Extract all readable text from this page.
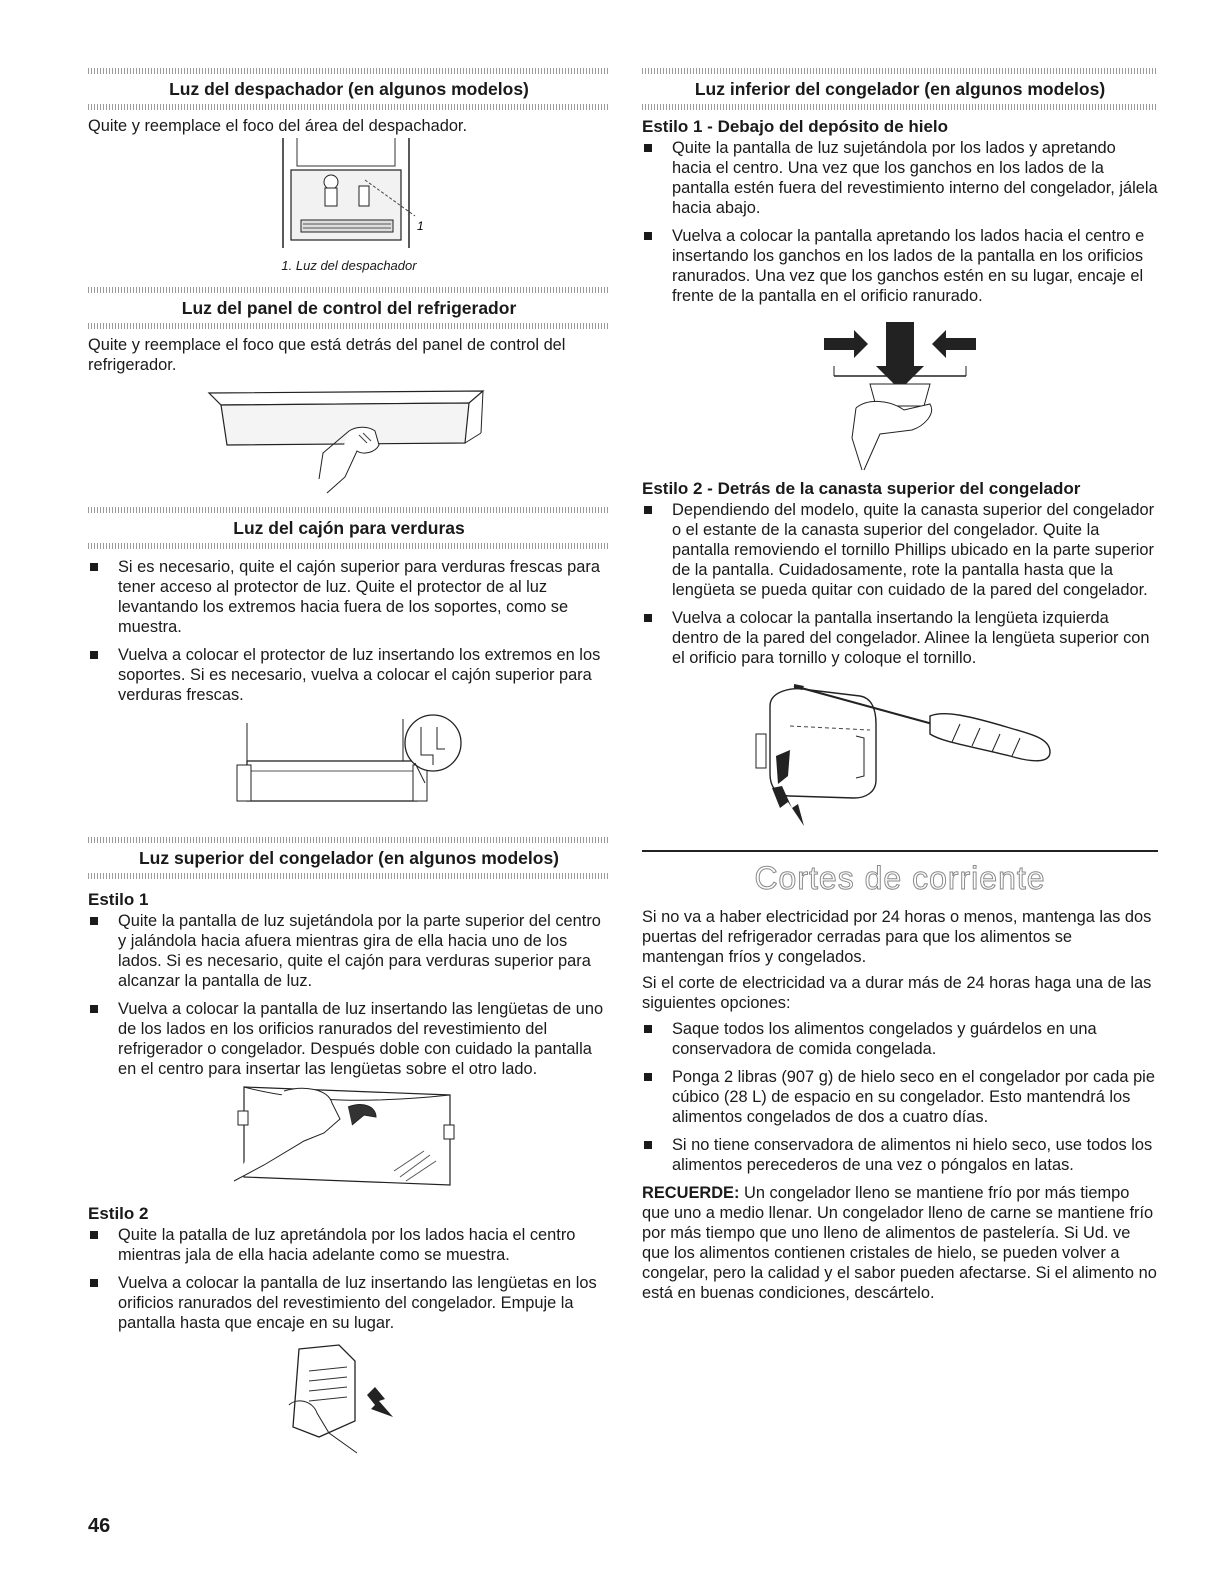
Luz del despachador (en algunos modelos)

Quite y reemplace el foco del área del despachador.

1
1. Luz del despachador
Luz del panel de control del refrigerador

Quite y reemplace el foco que está detrás del panel de control del refrigerador.

Luz del cajón para verduras
Si es necesario, quite el cajón superior para verduras frescas para tener acceso al protector de luz. Quite el protector de al luz levantando los extremos hacia fuera de los soportes, como se muestra.
Vuelva a colocar el protector de luz insertando los extremos en los soportes. Si es necesario, vuelva a colocar el cajón superior para verduras frescas.
Luz superior del congelador (en algunos modelos)
Estilo 1
Quite la pantalla de luz sujetándola por la parte superior del centro y jalándola hacia afuera mientras gira de ella hacia uno de los lados. Si es necesario, quite el cajón para verduras superior para alcanzar la pantalla de luz.
Vuelva a colocar la pantalla de luz insertando las lengüetas de uno de los lados en los orificios ranurados del revestimiento del refrigerador o congelador. Después doble con cuidado la pantalla en el centro para insertar las lengüetas sobre el otro lado.
Estilo 2
Quite la patalla de luz apretándola por los lados hacia el centro mientras jala de ella hacia adelante como se muestra.
Vuelva a colocar la pantalla de luz insertando las lengüetas en los orificios ranurados del revestimiento del congelador. Empuje la pantalla hasta que encaje en su lugar.
Luz inferior del congelador (en algunos modelos)
Estilo 1 - Debajo del depósito de hielo
Quite la pantalla de luz sujetándola por los lados y apretando hacia el centro. Una vez que los ganchos en los lados de la pantalla estén fuera del revestimiento interno del congelador, jálela hacia abajo.
Vuelva a colocar la pantalla apretando los lados hacia el centro e insertando los ganchos en los lados de la pantalla en los orificios ranurados. Una vez que los ganchos estén en su lugar, encaje el frente de la pantalla en el orificio ranurado.
Estilo 2 - Detrás de la canasta superior del congelador
Dependiendo del modelo, quite la canasta superior del congelador o el estante de la canasta superior del congelador. Quite la pantalla removiendo el tornillo Phillips ubicado en la parte superior de la pantalla. Cuidadosamente, rote la pantalla hasta que la lengüeta se pueda quitar con cuidado de la pared del congelador.
Vuelva a colocar la pantalla insertando la lengüeta izquierda dentro de la pared del congelador. Alinee la lengüeta superior con el orificio para tornillo y coloque el tornillo.
Cortes de corriente

Si no va a haber electricidad por 24 horas o menos, mantenga las dos puertas del refrigerador cerradas para que los alimentos se mantengan fríos y congelados.

Si el corte de electricidad va a durar más de 24 horas haga una de las siguientes opciones:

Saque todos los alimentos congelados y guárdelos en una conservadora de comida congelada.
Ponga 2 libras (907 g) de hielo seco en el congelador por cada pie cúbico (28 L) de espacio en su congelador. Esto mantendrá los alimentos congelados de dos a cuatro días.
Si no tiene conservadora de alimentos ni hielo seco, use todos los alimentos perecederos de una vez o póngalos en latas.

RECUERDE: Un congelador lleno se mantiene frío por más tiempo que uno a medio llenar. Un congelador lleno de carne se mantiene frío por más tiempo que uno lleno de alimentos de pastelería. Si Ud. ve que los alimentos contienen cristales de hielo, se pueden volver a congelar, pero la calidad y el sabor pueden afectarse. Si el alimento no está en buenas condiciones, descártelo.

46
